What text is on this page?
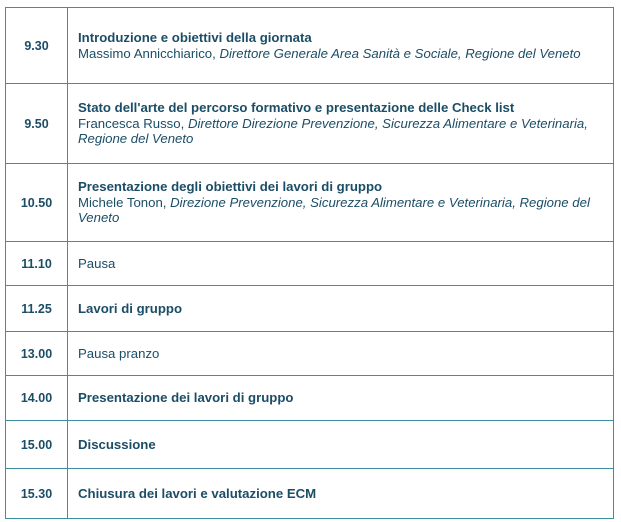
9.30	Introduzione e obiettivi della giornata
Massimo Annicchiarico, Direttore Generale Area Sanità e Sociale, Regione del Veneto

9.50	Stato dell'arte del percorso formativo e presentazione delle Check list
Francesca Russo, Direttore Direzione Prevenzione, Sicurezza Alimentare e Veterinaria, Regione del Veneto

10.50	Presentazione degli obiettivi dei lavori di gruppo
Michele Tonon, Direzione Prevenzione, Sicurezza Alimentare e Veterinaria, Regione del Veneto

11.10	Pausa
11.25	Lavori di gruppo
13.00	Pausa pranzo
14.00	Presentazione dei lavori di gruppo
15.00	Discussione
15.30	Chiusura dei lavori e valutazione ECM
